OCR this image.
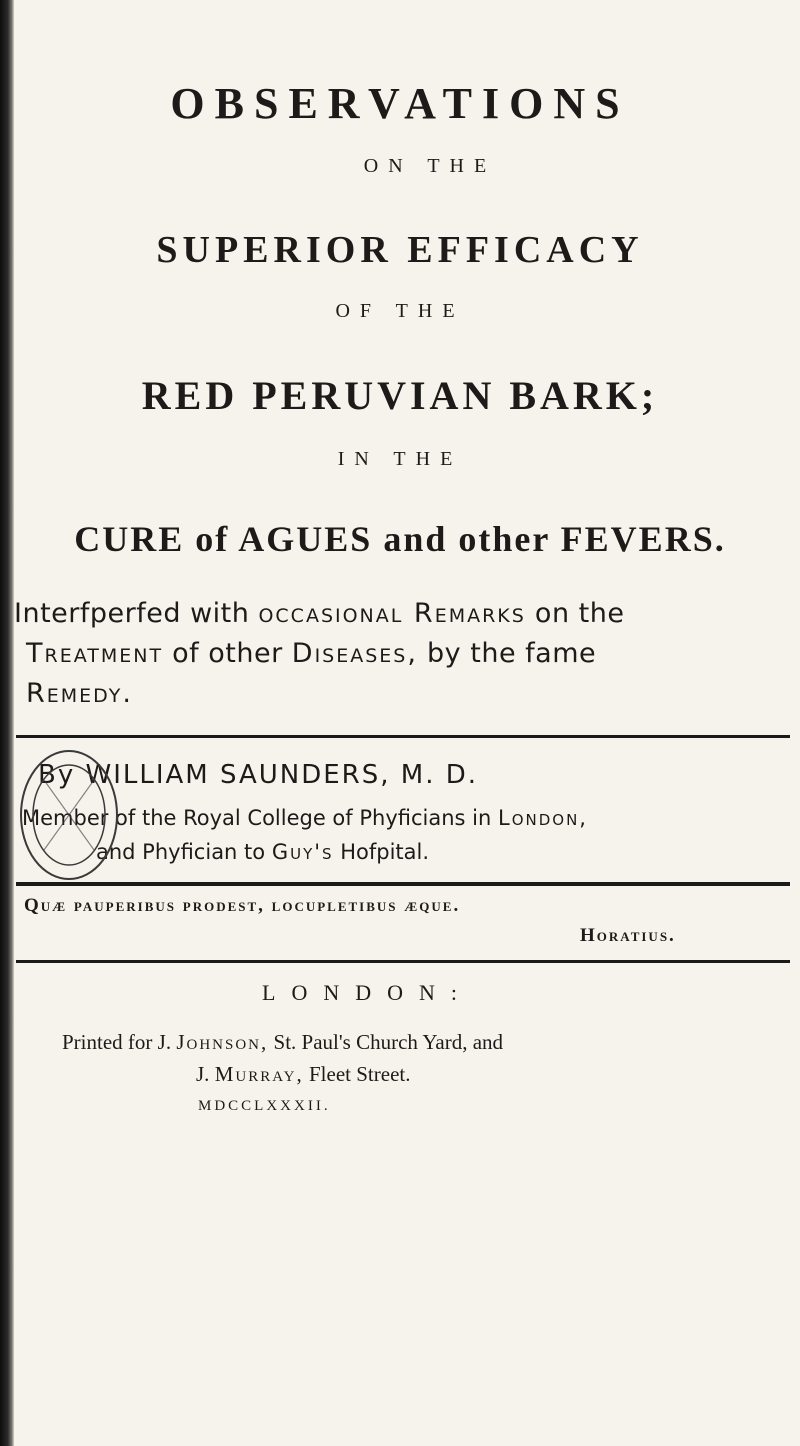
OBSERVATIONS
ON THE
SUPERIOR EFFICACY
OF THE
RED PERUVIAN BARK;
IN THE
CURE of AGUES and other FEVERS.
Interfperfed with occasional Remarks on the
Treatment of other Diseases, by the fame
Remedy.
By WILLIAM SAUNDERS, M. D.
Member of the Royal College of Phyficians in London,
and Phyfician to Guy's Hofpital.
Quæ pauperibus prodest, locupletibus æque.
Horatius.
LONDON:
Printed for J. Johnson, St. Paul's Church Yard, and
J. Murray, Fleet Street.
MDCCLXXXII.
